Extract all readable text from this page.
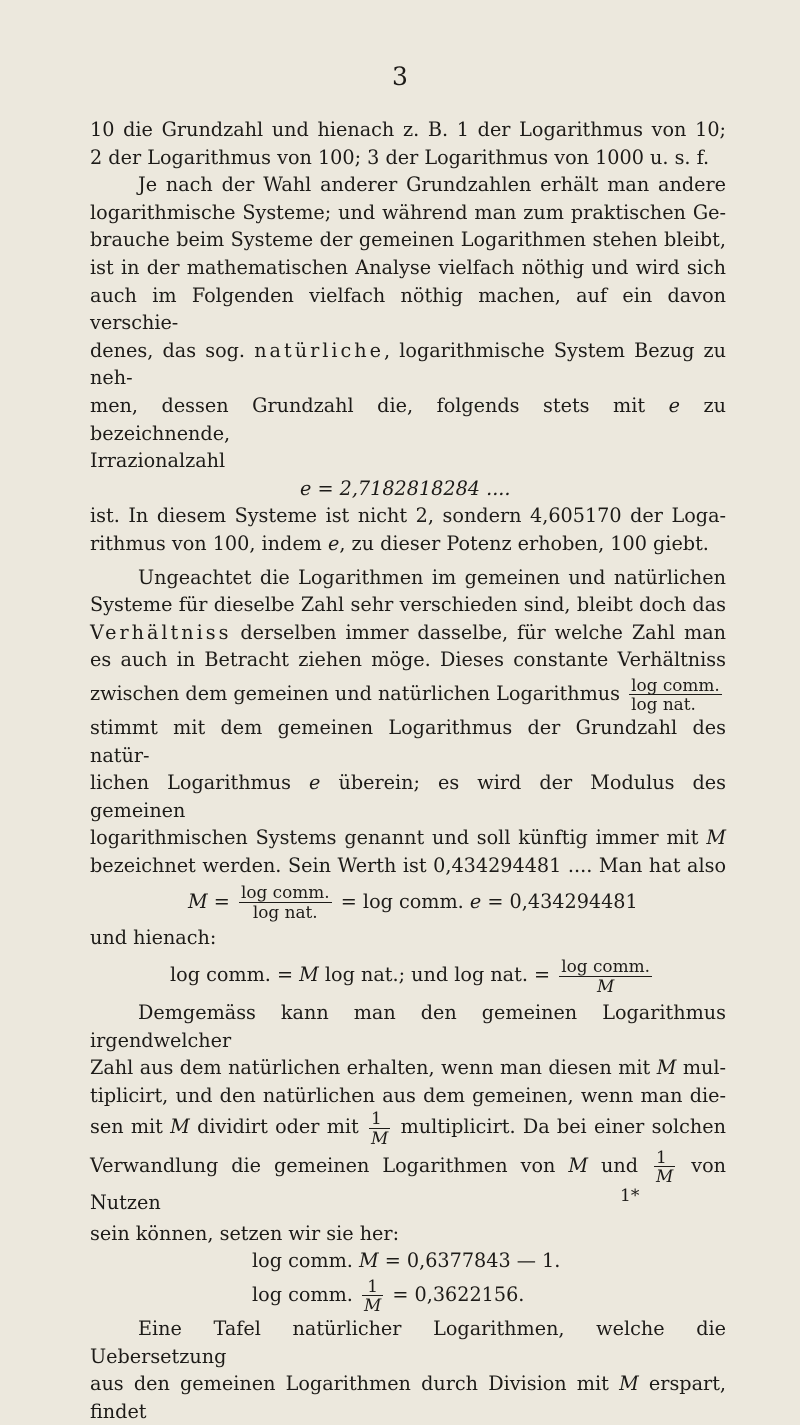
3

10 die Grundzahl und hienach z. B. 1 der Logarithmus von 10;

2 der Logarithmus von 100; 3 der Logarithmus von 1000 u. s. f.

Je nach der Wahl anderer Grundzahlen erhält man andere

logarithmische Systeme; und während man zum praktischen Ge-

brauche beim Systeme der gemeinen Logarithmen stehen bleibt,

ist in der mathematischen Analyse vielfach nöthig und wird sich

auch im Folgenden vielfach nöthig machen, auf ein davon verschie-

denes, das sog. natürliche, logarithmische System Bezug zu neh-

men, dessen Grundzahl die, folgends stets mit e zu bezeichnende,

Irrazionalzahl

e = 2,7182818284 ....

ist. In diesem Systeme ist nicht 2, sondern 4,605170 der Loga-

rithmus von 100, indem e, zu dieser Potenz erhoben, 100 giebt.

Ungeachtet die Logarithmen im gemeinen und natürlichen

Systeme für dieselbe Zahl sehr verschieden sind, bleibt doch das

Verhältniss derselben immer dasselbe, für welche Zahl man

es auch in Betracht ziehen möge. Dieses constante Verhältniss

zwischen dem gemeinen und natürlichen Logarithmus $\frac{\text{log comm.}}{\text{log nat.}}$

stimmt mit dem gemeinen Logarithmus der Grundzahl des natür-

lichen Logarithmus e überein; es wird der Modulus des gemeinen

logarithmischen Systems genannt und soll künftig immer mit M

bezeichnet werden. Sein Werth ist 0,434294481 .... Man hat also

$M = \frac{\text{log comm.}}{\text{log nat.}} = \log$ comm. e = 0,434294481

und hienach:

log comm. = M log nat.; und log nat. = $\frac{\text{log comm.}}{M}$

Demgemäss kann man den gemeinen Logarithmus irgendwelcher

Zahl aus dem natürlichen erhalten, wenn man diesen mit M mul-

tiplicirt, und den natürlichen aus dem gemeinen, wenn man die-

sen mit M dividirt oder mit $\frac{1}{M}$ multiplicirt. Da bei einer solchen

Verwandlung die gemeinen Logarithmen von M und $\frac{1}{M}$ von Nutzen

sein können, setzen wir sie her:

log comm. M = 0,6377843 — 1.
log comm. $\frac{1}{M} = 0,3622156$.

Eine Tafel natürlicher Logarithmen, welche die Uebersetzung

aus den gemeinen Logarithmen durch Division mit M erspart, findet

1*
